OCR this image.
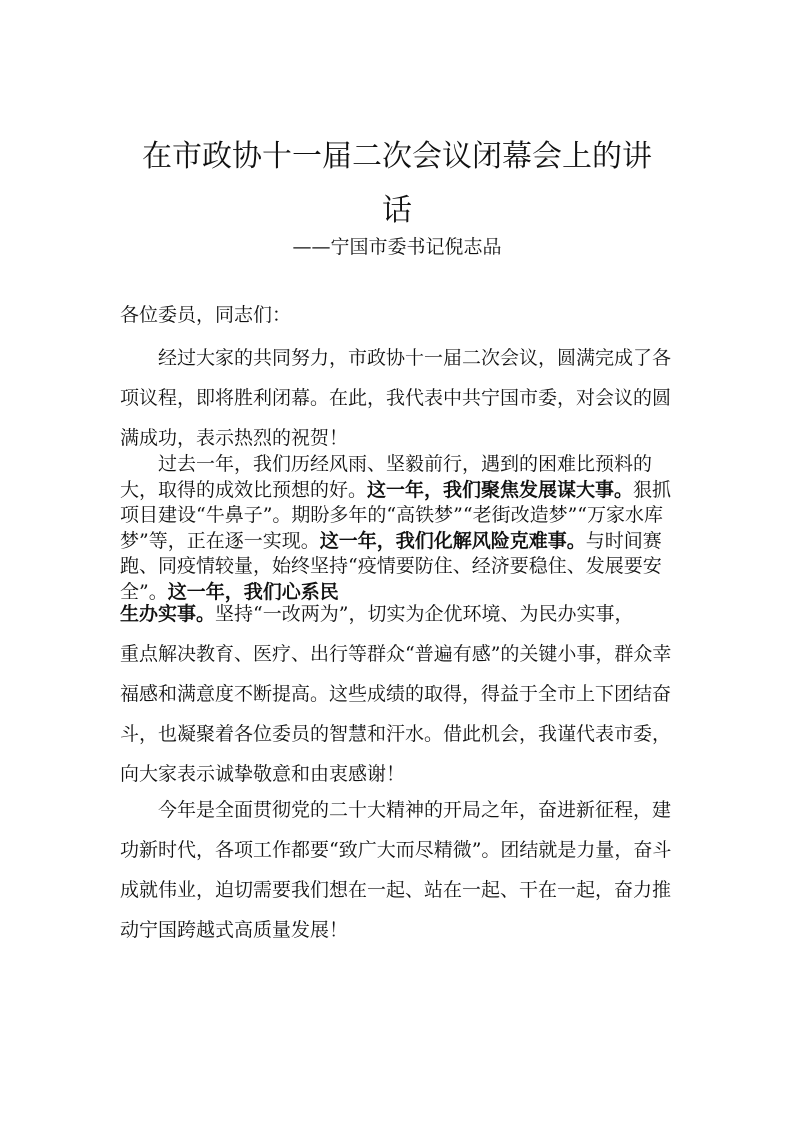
在市政协十一届二次会议闭幕会上的讲
话
——宁国市委书记倪志品

各位委员，同志们：

经过大家的共同努力，市政协十一届二次会议，圆满完成了各项议程，即将胜利闭幕。在此，我代表中共宁国市委，对会议的圆满成功，表示热烈的祝贺！

过去一年，我们历经风雨、坚毅前行，遇到的困难比预料的大，取得的成效比预想的好。这一年，我们聚焦发展谋大事。狠抓项目建设“牛鼻子”。期盼多年的“高铁梦”“老街改造梦”“万家水库梦”等，正在逐一实现。这一年，我们化解风险克难事。与时间赛跑、同疫情较量，始终坚持“疫情要防住、经济要稳住、发展要安全”。这一年，我们心系民

生办实事。坚持“一改两为”，切实为企优环境、为民办实事，

重点解决教育、医疗、出行等群众“普遍有感”的关键小事，群众幸福感和满意度不断提高。这些成绩的取得，得益于全市上下团结奋斗，也凝聚着各位委员的智慧和汗水。借此机会，我谨代表市委，向大家表示诚挚敬意和由衷感谢！

今年是全面贯彻党的二十大精神的开局之年，奋进新征程，建功新时代，各项工作都要“致广大而尽精微”。团结就是力量，奋斗成就伟业，迫切需要我们想在一起、站在一起、干在一起，奋力推动宁国跨越式高质量发展！
